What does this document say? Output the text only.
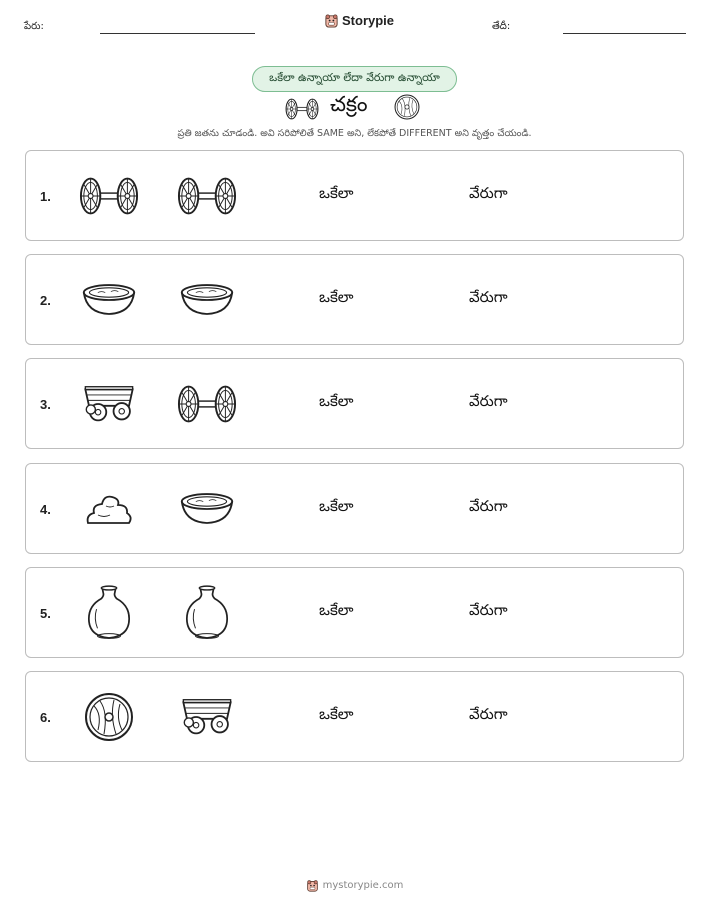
పేరు:	Storypie	తేదీ:
ఒకేలా ఉన్నాయా లేదా వేరుగా ఉన్నాయా
చక్రం
ప్రతి జతను చూడండి. అవి సరిపోలితే SAME అని, లేకపోతే DIFFERENT అని వృత్తం చేయండి.
1.	ఒకేలా	వేరుగా
2.	ఒకేలా	వేరుగా
3.	ఒకేలా	వేరుగా
4.	ఒకేలా	వేరుగా
5.	ఒకేలా	వేరుగా
6.	ఒకేలా	వేరుగా
mystorypie.com
